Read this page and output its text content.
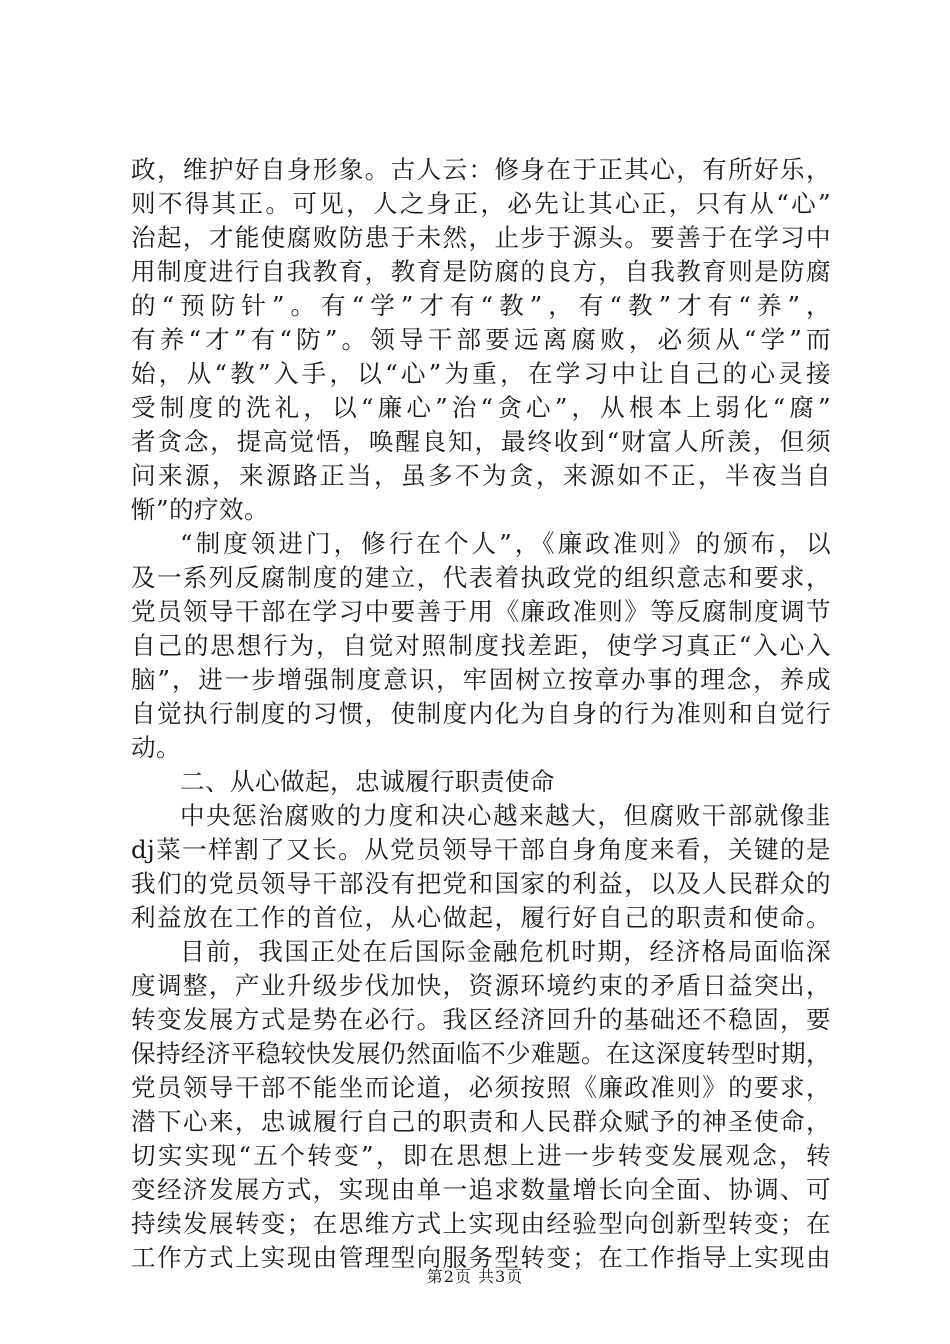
政，维护好自身形象。古人云：修身在于正其心，有所好乐，
则不得其正。可见，人之身正，必先让其心正，只有从“心”
治起，才能使腐败防患于未然，止步于源头。要善于在学习中
用制度进行自我教育，教育是防腐的良方，自我教育则是防腐
的“预防针”。有“学”才有“教”，有“教”才有“养”，
有养“才”有“防”。领导干部要远离腐败，必须从“学”而
始，从“教”入手，以“心”为重，在学习中让自己的心灵接
受制度的洗礼，以“廉心”治“贪心”，从根本上弱化“腐”
者贪念，提高觉悟，唤醒良知，最终收到“财富人所羡，但须
问来源，来源路正当，虽多不为贪，来源如不正，半夜当自
惭”的疗效。
“制度领进门，修行在个人”，《廉政准则》的颁布，以
及一系列反腐制度的建立，代表着执政党的组织意志和要求，
党员领导干部在学习中要善于用《廉政准则》等反腐制度调节
自己的思想行为，自觉对照制度找差距，使学习真正“入心入
脑”，进一步增强制度意识，牢固树立按章办事的理念，养成
自觉执行制度的习惯，使制度内化为自身的行为准则和自觉行
动。
二、从心做起，忠诚履行职责使命
中央惩治腐败的力度和决心越来越大，但腐败干部就像韭
dj菜一样割了又长。从党员领导干部自身角度来看，关键的是
我们的党员领导干部没有把党和国家的利益，以及人民群众的
利益放在工作的首位，从心做起，履行好自己的职责和使命。
目前，我国正处在后国际金融危机时期，经济格局面临深
度调整，产业升级步伐加快，资源环境约束的矛盾日益突出，
转变发展方式是势在必行。我区经济回升的基础还不稳固，要
保持经济平稳较快发展仍然面临不少难题。在这深度转型时期，
党员领导干部不能坐而论道，必须按照《廉政准则》的要求，
潜下心来，忠诚履行自己的职责和人民群众赋予的神圣使命，
切实实现“五个转变”，即在思想上进一步转变发展观念，转
变经济发展方式，实现由单一追求数量增长向全面、协调、可
持续发展转变；在思维方式上实现由经验型向创新型转变；在
工作方式上实现由管理型向服务型转变；在工作指导上实现由
第2页 共3页
